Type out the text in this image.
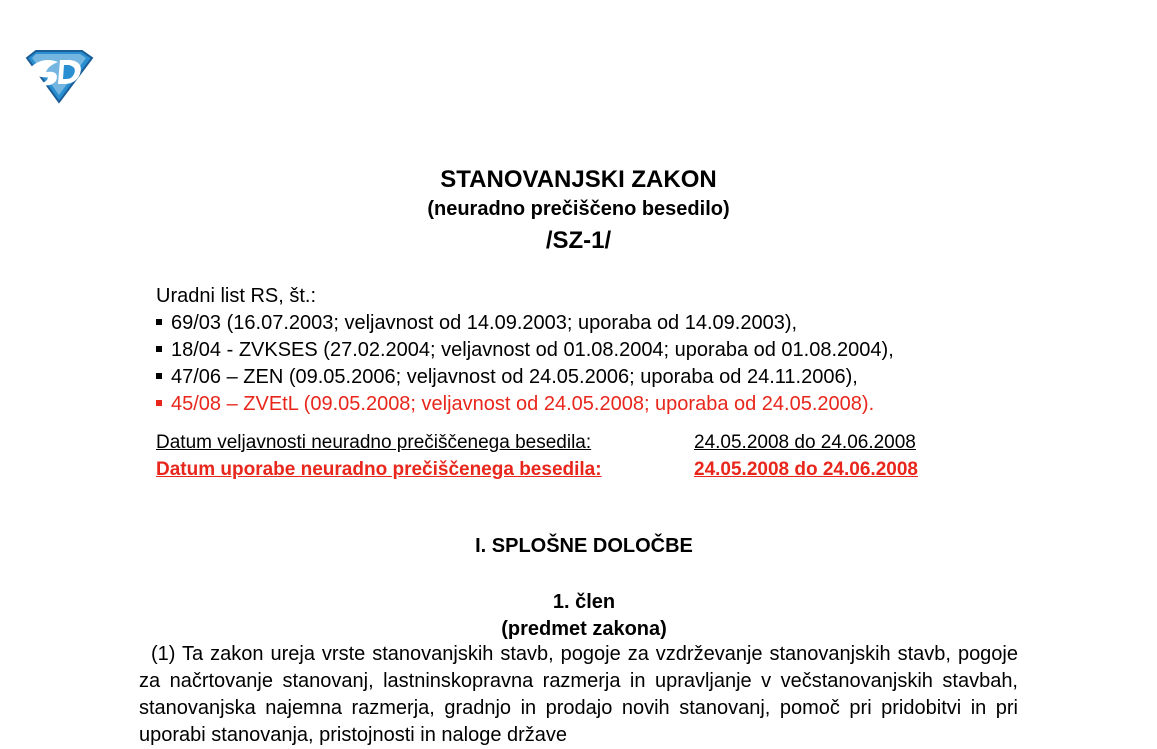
STANOVANJSKI ZAKON
(neuradno prečiščeno besedilo)
/SZ-1/
Uradni list RS, št.:
69/03 (16.07.2003; veljavnost od 14.09.2003; uporaba od 14.09.2003),
18/04 - ZVKSES (27.02.2004; veljavnost od 01.08.2004; uporaba od 01.08.2004),
47/06 – ZEN (09.05.2006; veljavnost od 24.05.2006; uporaba od 24.11.2006),
45/08 – ZVEtL (09.05.2008; veljavnost od 24.05.2008; uporaba od 24.05.2008).
Datum veljavnosti neuradno prečiščenega besedila:	24.05.2008 do 24.06.2008
Datum uporabe neuradno prečiščenega besedila:	24.05.2008 do 24.06.2008
I. SPLOŠNE DOLOČBE
1. člen
(predmet zakona)

(1) Ta zakon ureja vrste stanovanjskih stavb, pogoje za vzdrževanje stanovanjskih stavb, pogoje za načrtovanje stanovanj, lastninskopravna razmerja in upravljanje v večstanovanjskih stavbah, stanovanjska najemna razmerja, gradnjo in prodajo novih stanovanj, pomoč pri pridobitvi in pri uporabi stanovanja, pristojnosti in naloge države
